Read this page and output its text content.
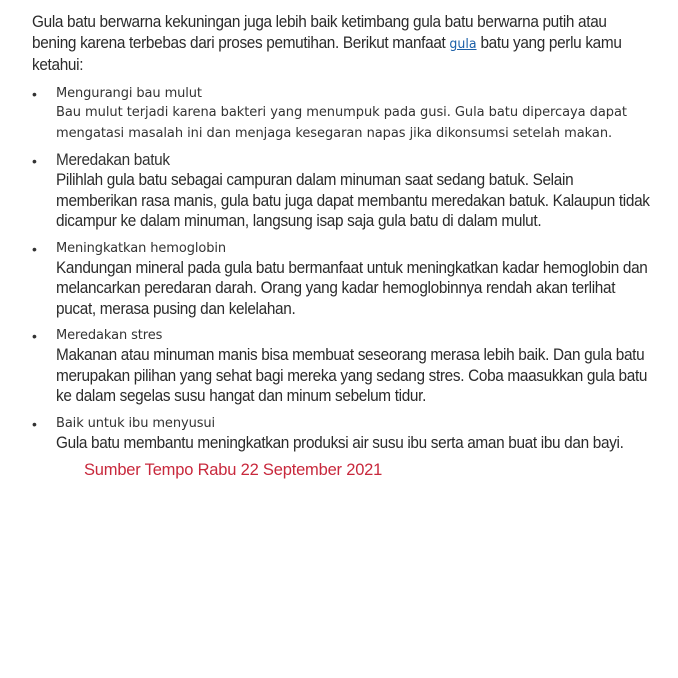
Gula batu berwarna kekuningan juga lebih baik ketimbang gula batu berwarna putih atau bening karena terbebas dari proses pemutihan. Berikut manfaat gula batu yang perlu kamu ketahui:

• Mengurangi bau mulut
Bau mulut terjadi karena bakteri yang menumpuk pada gusi. Gula batu dipercaya dapat mengatasi masalah ini dan menjaga kesegaran napas jika dikonsumsi setelah makan.
• Meredakan batuk
Pilihlah gula batu sebagai campuran dalam minuman saat sedang batuk. Selain memberikan rasa manis, gula batu juga dapat membantu meredakan batuk. Kalaupun tidak dicampur ke dalam minuman, langsung isap saja gula batu di dalam mulut.
• Meningkatkan hemoglobin
Kandungan mineral pada gula batu bermanfaat untuk meningkatkan kadar hemoglobin dan melancarkan peredaran darah. Orang yang kadar hemoglobinnya rendah akan terlihat pucat, merasa pusing dan kelelahan.
• Meredakan stres
Makanan atau minuman manis bisa membuat seseorang merasa lebih baik. Dan gula batu merupakan pilihan yang sehat bagi mereka yang sedang stres. Coba maasukkan gula batu ke dalam segelas susu hangat dan minum sebelum tidur.
• Baik untuk ibu menyusui
Gula batu membantu meningkatkan produksi air susu ibu serta aman buat ibu dan bayi.
Sumber Tempo Rabu 22 September 2021
